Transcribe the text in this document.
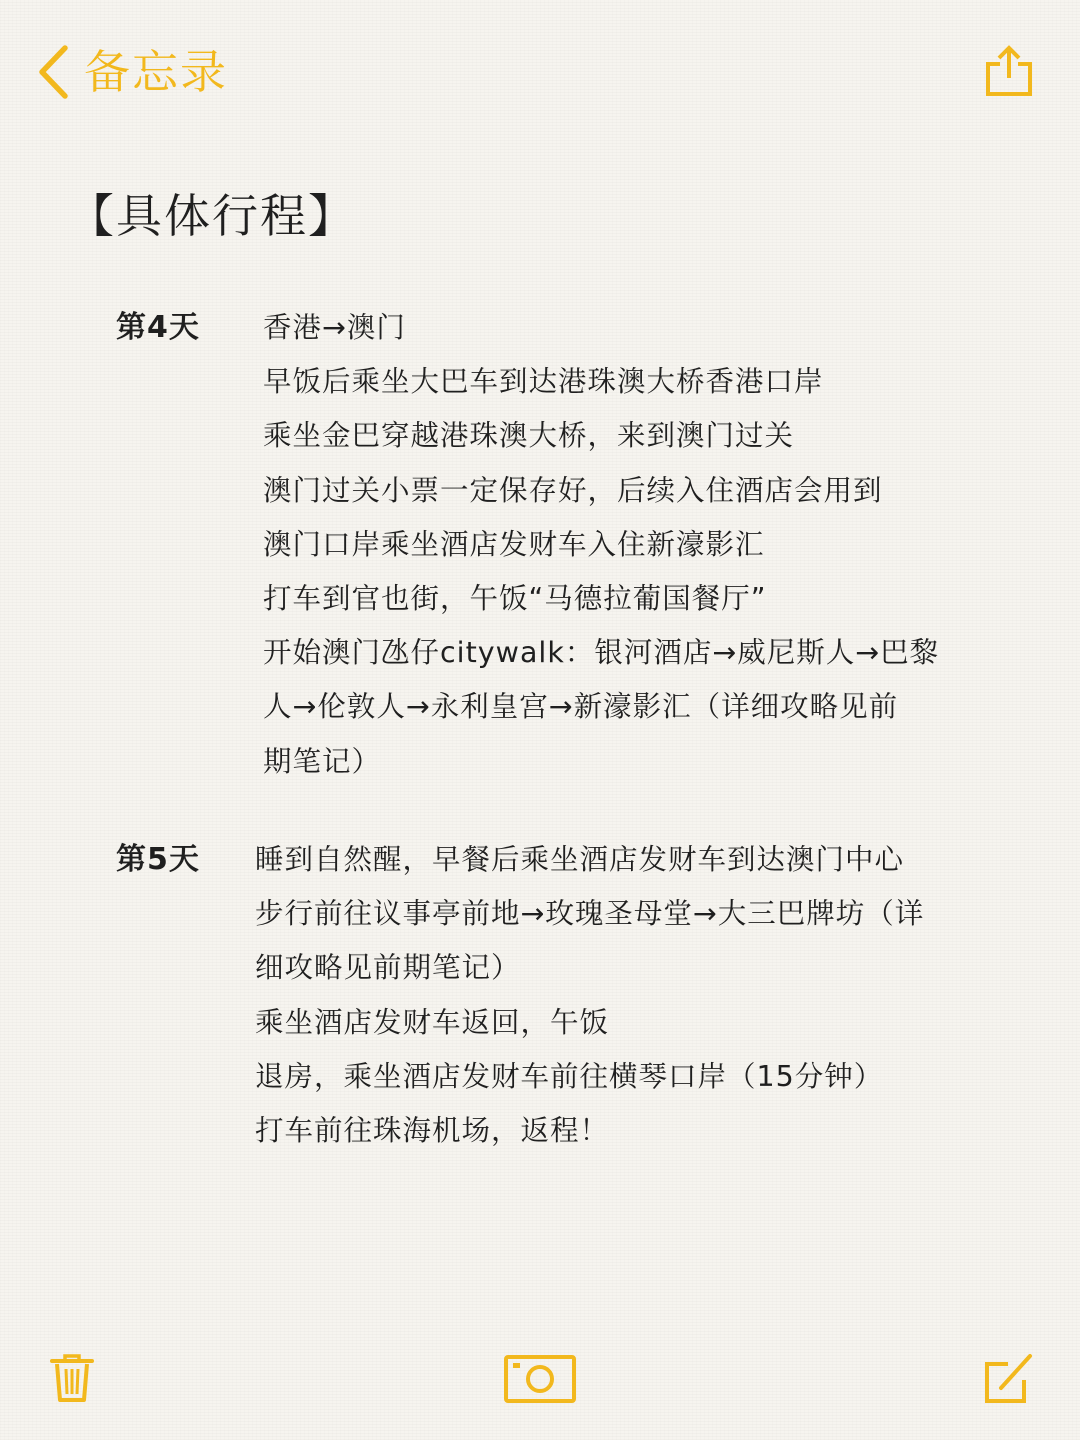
备忘录
【具体行程】
第4天 香港→澳门
早饭后乘坐大巴车到达港珠澳大桥香港口岸
乘坐金巴穿越港珠澳大桥，来到澳门过关
澳门过关小票一定保存好，后续入住酒店会用到
澳门口岸乘坐酒店发财车入住新濠影汇
打车到官也街，午饭“马德拉葡国餐厅”
开始澳门氹仔citywalk：银河酒店→威尼斯人→巴黎
人→伦敦人→永利皇宫→新濠影汇（详细攻略见前
期笔记）
第5天 睡到自然醒，早餐后乘坐酒店发财车到达澳门中心
步行前往议事亭前地→玫瑰圣母堂→大三巴牌坊（详
细攻略见前期笔记）
乘坐酒店发财车返回，午饭
退房，乘坐酒店发财车前往横琴口岸（15分钟）
打车前往珠海机场，返程！
